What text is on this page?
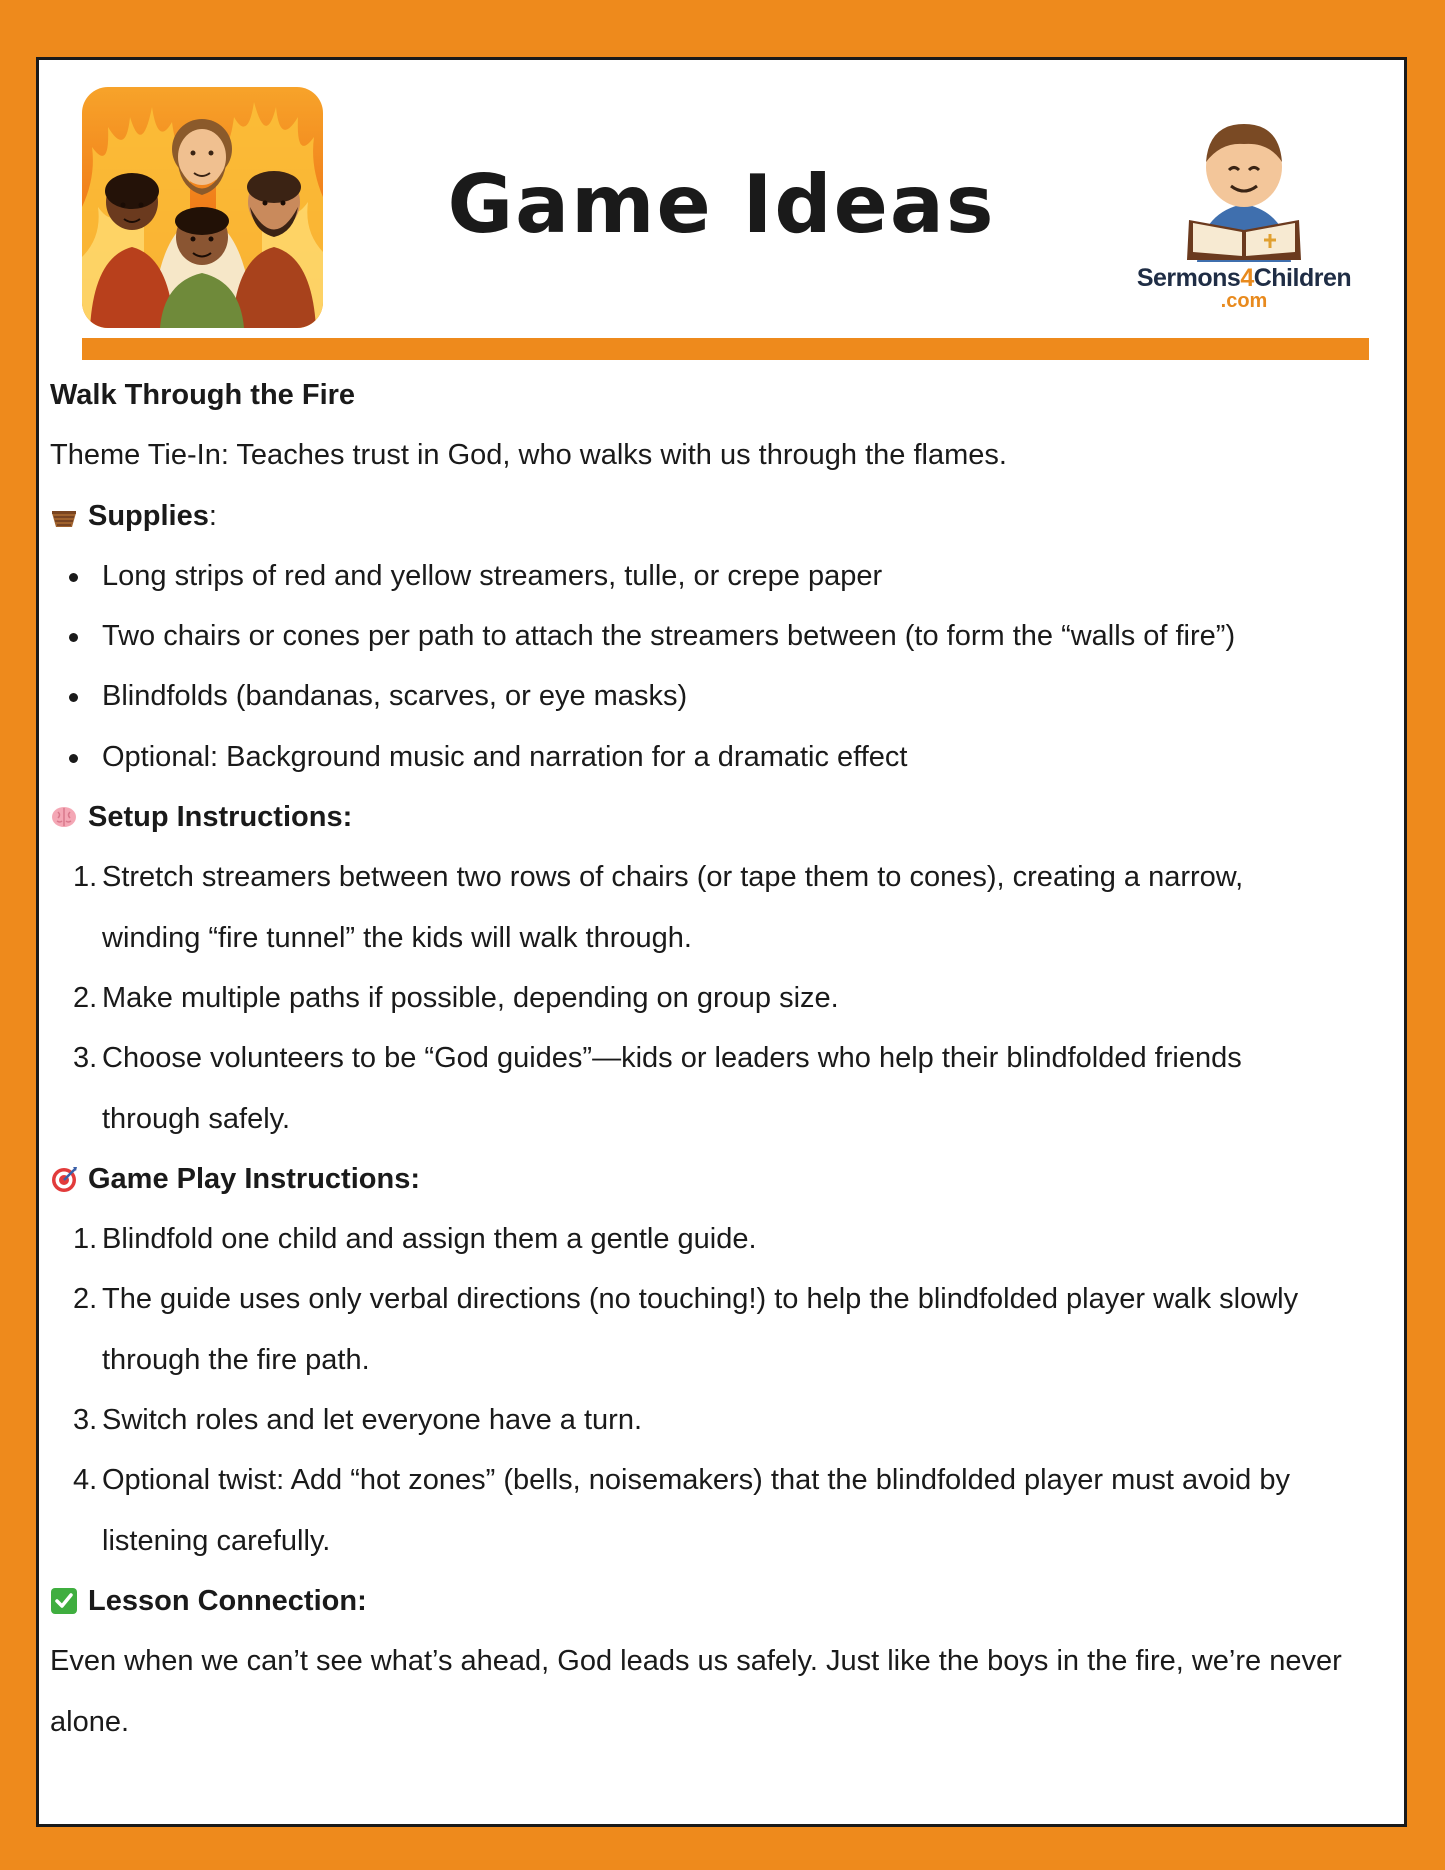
Game Ideas
Sermons4Children
.com

Walk Through the Fire

Theme Tie-In: Teaches trust in God, who walks with us through the flames.

Supplies :

Long strips of red and yellow streamers, tulle, or crepe paper
Two chairs or cones per path to attach the streamers between (to form the “walls of fire”)
Blindfolds (bandanas, scarves, or eye masks)
Optional: Background music and narration for a dramatic effect

Setup Instructions:

1. Stretch streamers between two rows of chairs (or tape them to cones), creating a narrow, winding “fire tunnel” the kids will walk through.
2. Make multiple paths if possible, depending on group size.
3. Choose volunteers to be “God guides”—kids or leaders who help their blindfolded friends through safely.

Game Play Instructions:

1. Blindfold one child and assign them a gentle guide.
2. The guide uses only verbal directions (no touching!) to help the blindfolded player walk slowly through the fire path.
3. Switch roles and let everyone have a turn.
4. Optional twist: Add “hot zones” (bells, noisemakers) that the blindfolded player must avoid by listening carefully.

Lesson Connection:

Even when we can’t see what’s ahead, God leads us safely. Just like the boys in the fire, we’re never alone.
